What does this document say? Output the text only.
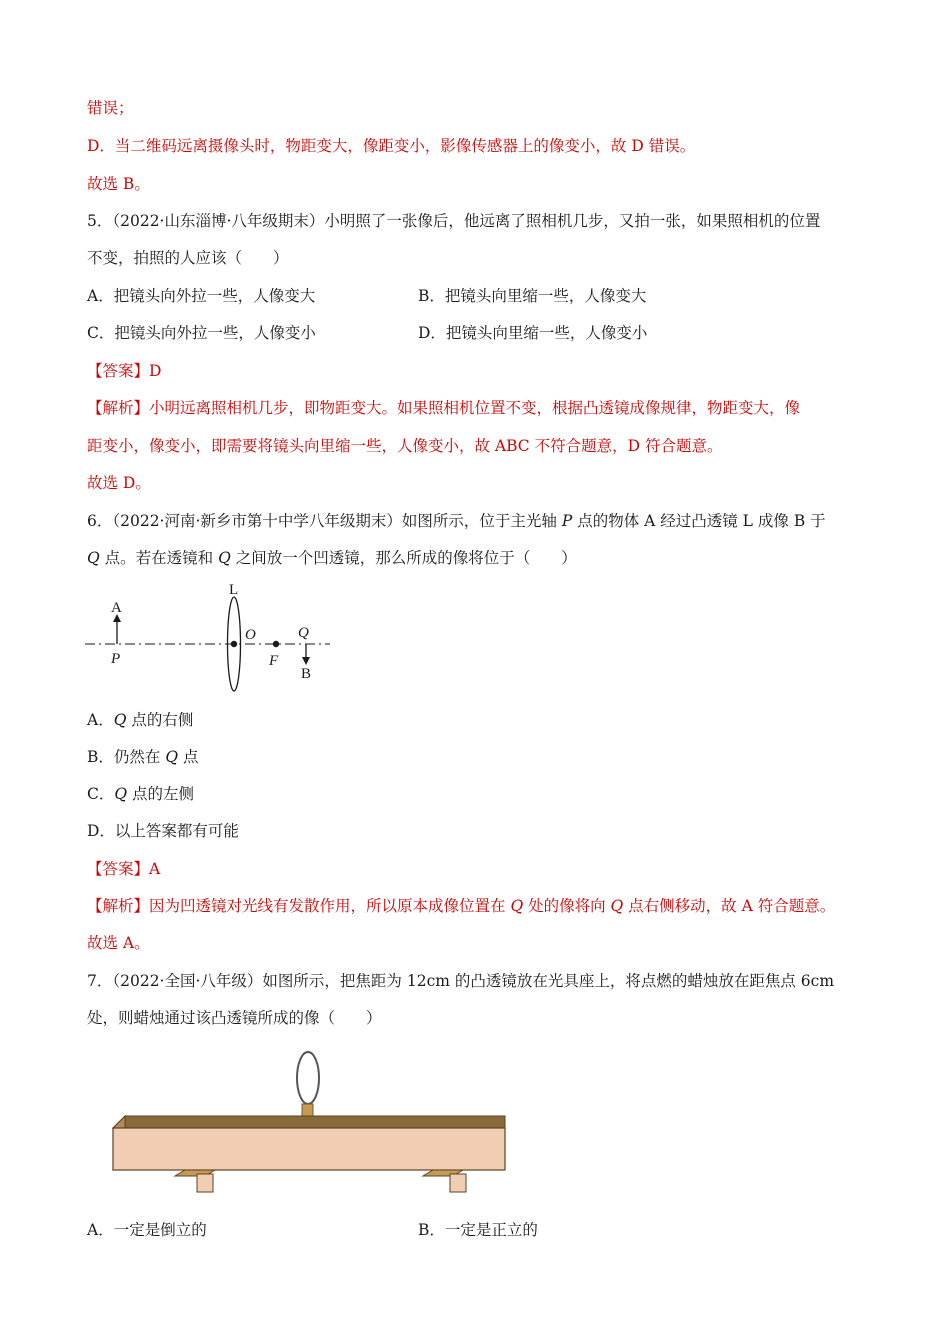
错误；
D．当二维码远离摄像头时，物距变大，像距变小，影像传感器上的像变小，故 D 错误。
故选 B。
5．（2022·山东淄博·八年级期末）小明照了一张像后，他远离了照相机几步，又拍一张，如果照相机的位置
不变，拍照的人应该（　　）
A．把镜头向外拉一些，人像变大	B．把镜头向里缩一些，人像变大
C．把镜头向外拉一些，人像变小	D．把镜头向里缩一些，人像变小
【答案】D
【解析】小明远离照相机几步，即物距变大。如果照相机位置不变，根据凸透镜成像规律，物距变大，像
距变小，像变小，即需要将镜头向里缩一些，人像变小，故 ABC 不符合题意，D 符合题意。
故选 D。
6．（2022·河南·新乡市第十中学八年级期末）如图所示，位于主光轴 P 点的物体 A 经过凸透镜 L 成像 B 于
Q 点。若在透镜和 Q 之间放一个凹透镜，那么所成的像将位于（　　）
A
P
L
O
F
Q
B
A．Q 点的右侧
B．仍然在 Q 点
C．Q 点的左侧
D．以上答案都有可能
【答案】A
【解析】因为凹透镜对光线有发散作用，所以原本成像位置在 Q 处的像将向 Q 点右侧移动，故 A 符合题意。
故选 A。
7．（2022·全国·八年级）如图所示，把焦距为 12cm 的凸透镜放在光具座上，将点燃的蜡烛放在距焦点 6cm
处，则蜡烛通过该凸透镜所成的像（　　）
A．一定是倒立的	B．一定是正立的
